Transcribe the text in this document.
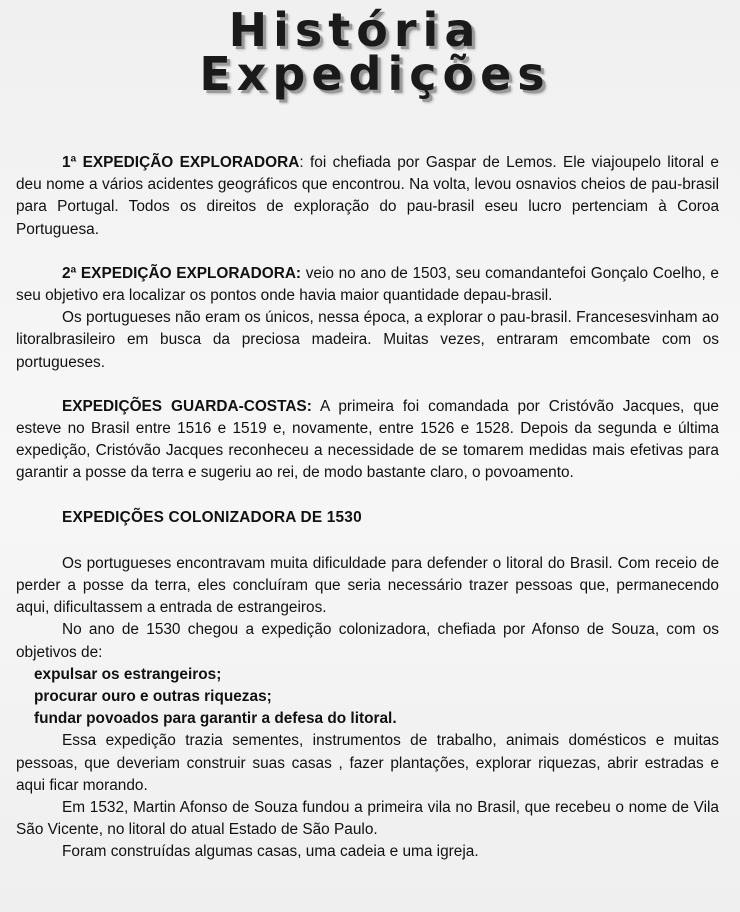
História
Expedições

1ª EXPEDIÇÃO EXPLORADORA: foi chefiada por Gaspar de Lemos. Ele viajoupelo litoral e deu nome a vários acidentes geográficos que encontrou. Na volta, levou osnavios cheios de pau-brasil para Portugal. Todos os direitos de exploração do pau-brasil eseu lucro pertenciam à Coroa Portuguesa.

2ª EXPEDIÇÃO EXPLORADORA: veio no ano de 1503, seu comandantefoi Gonçalo Coelho, e seu objetivo era localizar os pontos onde havia maior quantidade depau-brasil.

Os portugueses não eram os únicos, nessa época, a explorar o pau-brasil. Francesesvinham ao litoralbrasileiro em busca da preciosa madeira. Muitas vezes, entraram emcombate com os portugueses.

EXPEDIÇÕES GUARDA-COSTAS: A primeira foi comandada por Cristóvão Jacques, que esteve no Brasil entre 1516 e 1519 e, novamente, entre 1526 e 1528. Depois da segunda e última expedição, Cristóvão Jacques reconheceu a necessidade de se tomarem medidas mais efetivas para garantir a posse da terra e sugeriu ao rei, de modo bastante claro, o povoamento.

EXPEDIÇÕES COLONIZADORA DE 1530

Os portugueses encontravam muita dificuldade para defender o litoral do Brasil. Com receio de perder a posse da terra, eles concluíram que seria necessário trazer pessoas que, permanecendo aqui, dificultassem a entrada de estrangeiros.

No ano de 1530 chegou a expedição colonizadora, chefiada por Afonso de Souza, com os objetivos de:

expulsar os estrangeiros;

procurar ouro e outras riquezas;

fundar povoados para garantir a defesa do litoral.

Essa expedição trazia sementes, instrumentos de trabalho, animais domésticos e muitas pessoas, que deveriam construir suas casas , fazer plantações, explorar riquezas, abrir estradas e aqui ficar morando.

Em 1532, Martin Afonso de Souza fundou a primeira vila no Brasil, que recebeu o nome de Vila São Vicente, no litoral do atual Estado de São Paulo.

Foram construídas algumas casas, uma cadeia e uma igreja.
